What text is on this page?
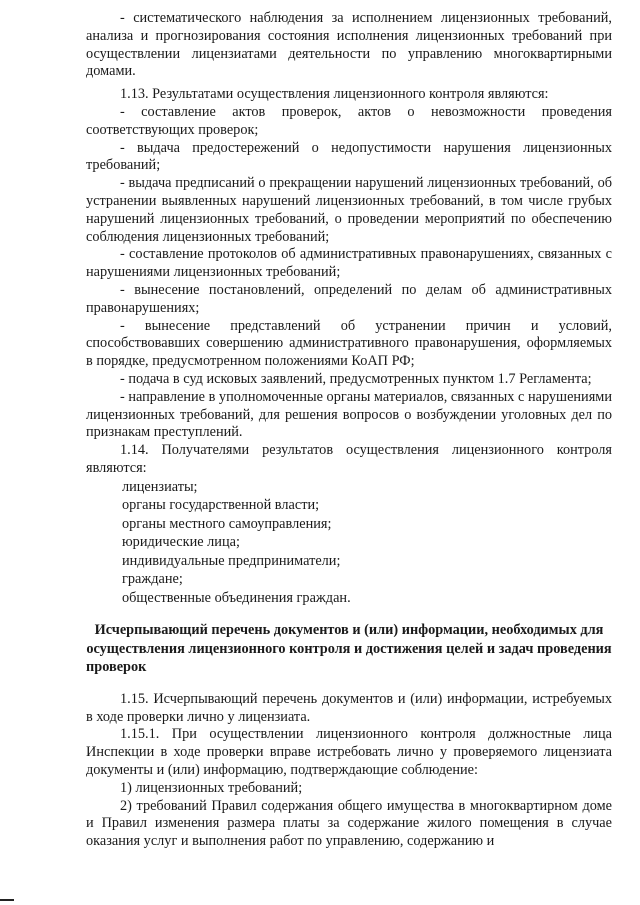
- систематического наблюдения за исполнением лицензионных требований, анализа и прогнозирования состояния исполнения лицензионных требований при осуществлении лицензиатами деятельности по управлению многоквартирными домами.

1.13. Результатами осуществления лицензионного контроля являются:

- составление актов проверок, актов о невозможности проведения соответствующих проверок;

- выдача предостережений о недопустимости нарушения лицензионных требований;

- выдача предписаний о прекращении нарушений лицензионных требований, об устранении выявленных нарушений лицензионных требований, в том числе грубых нарушений лицензионных требований, о проведении мероприятий по обеспечению соблюдения лицензионных требований;

- составление протоколов об административных правонарушениях, связанных с нарушениями лицензионных требований;

- вынесение постановлений, определений по делам об административных правонарушениях;

- вынесение представлений об устранении причин и условий, способствовавших совершению административного правонарушения, оформляемых в порядке, предусмотренном положениями КоАП РФ;

- подача в суд исковых заявлений, предусмотренных пунктом 1.7 Регламента;

- направление в уполномоченные органы материалов, связанных с нарушениями лицензионных требований, для решения вопросов о возбуждении уголовных дел по признакам преступлений.

1.14. Получателями результатов осуществления лицензионного контроля являются:

лицензиаты;

органы государственной власти;

органы местного самоуправления;

юридические лица;

индивидуальные предприниматели;

граждане;

общественные объединения граждан.

Исчерпывающий перечень документов и (или) информации, необходимых для осуществления лицензионного контроля и достижения целей и задач проведения проверок

1.15. Исчерпывающий перечень документов и (или) информации, истребуемых в ходе проверки лично у лицензиата.

1.15.1. При осуществлении лицензионного контроля должностные лица Инспекции в ходе проверки вправе истребовать лично у проверяемого лицензиата документы и (или) информацию, подтверждающие соблюдение:

1) лицензионных требований;

2) требований Правил содержания общего имущества в многоквартирном доме и Правил изменения размера платы за содержание жилого помещения в случае оказания услуг и выполнения работ по управлению, содержанию и
